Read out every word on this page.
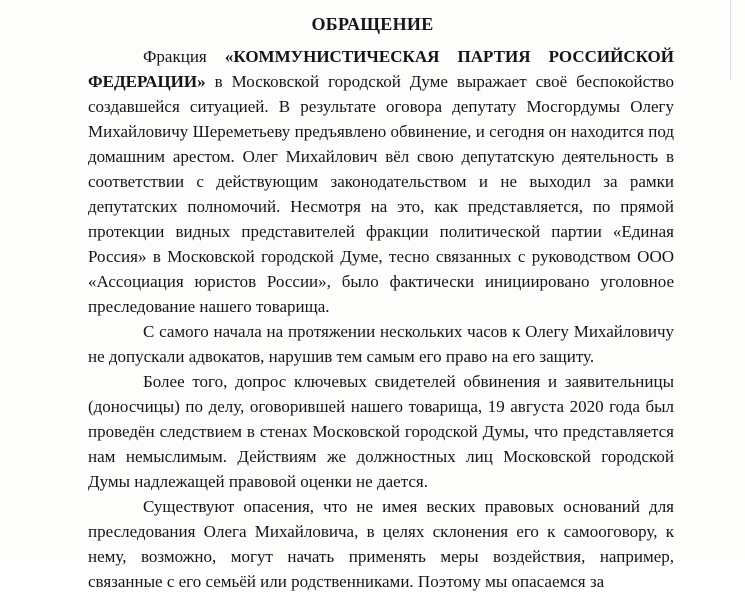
ОБРАЩЕНИЕ

Фракция «КОММУНИСТИЧЕСКАЯ ПАРТИЯ РОССИЙСКОЙ ФЕДЕРАЦИИ» в Московской городской Думе выражает своё беспокойство создавшейся ситуацией. В результате оговора депутату Мосгордумы Олегу Михайловичу Шереметьеву предъявлено обвинение, и сегодня он находится под домашним арестом. Олег Михайлович вёл свою депутатскую деятельность в соответствии с действующим законодательством и не выходил за рамки депутатских полномочий. Несмотря на это, как представляется, по прямой протекции видных представителей фракции политической партии «Единая Россия» в Московской городской Думе, тесно связанных с руководством ООО «Ассоциация юристов России», было фактически инициировано уголовное преследование нашего товарища.

С самого начала на протяжении нескольких часов к Олегу Михайловичу не допускали адвокатов, нарушив тем самым его право на его защиту.

Более того, допрос ключевых свидетелей обвинения и заявительницы (доносчицы) по делу, оговорившей нашего товарища, 19 августа 2020 года был проведён следствием в стенах Московской городской Думы, что представляется нам немыслимым. Действиям же должностных лиц Московской городской Думы надлежащей правовой оценки не дается.

Существуют опасения, что не имея веских правовых оснований для преследования Олега Михайловича, в целях склонения его к самооговору, к нему, возможно, могут начать применять меры воздействия, например, связанные с его семьёй или родственниками. Поэтому мы опасаемся за
